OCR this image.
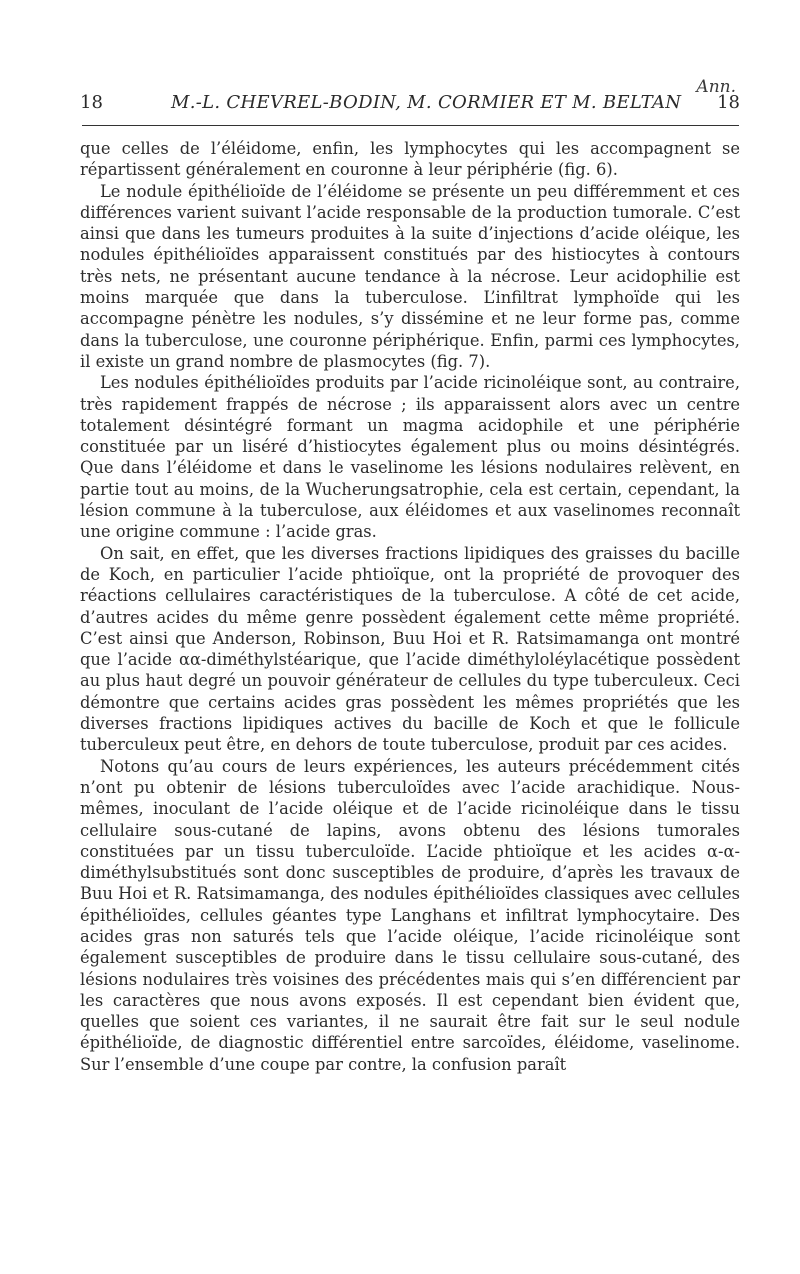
Ann.
18	M.-L. CHEVREL-BODIN, M. CORMIER ET M. BELTAN 18

que celles de l’éléidome, enfin, les lymphocytes qui les accompagnent se répartissent généralement en couronne à leur périphérie (fig. 6).

Le nodule épithélioïde de l’éléidome se présente un peu différemment et ces différences varient suivant l’acide responsable de la production tumorale. C’est ainsi que dans les tumeurs produites à la suite d’injections d’acide oléique, les nodules épithélioïdes apparaissent constitués par des histiocytes à contours très nets, ne présentant aucune tendance à la nécrose. Leur acidophilie est moins marquée que dans la tuberculose. L’infiltrat lymphoïde qui les accompagne pénètre les nodules, s’y dissémine et ne leur forme pas, comme dans la tuberculose, une couronne périphérique. Enfin, parmi ces lymphocytes, il existe un grand nombre de plasmocytes (fig. 7).

Les nodules épithélioïdes produits par l’acide ricinoléique sont, au contraire, très rapidement frappés de nécrose ; ils apparaissent alors avec un centre totalement désintégré formant un magma acidophile et une périphérie constituée par un liséré d’histiocytes également plus ou moins désintégrés. Que dans l’éléidome et dans le vaselinome les lésions nodulaires relèvent, en partie tout au moins, de la Wucherungsatrophie, cela est certain, cependant, la lésion commune à la tuberculose, aux éléidomes et aux vaselinomes reconnaît une origine commune : l’acide gras.

On sait, en effet, que les diverses fractions lipidiques des graisses du bacille de Koch, en particulier l’acide phtioïque, ont la propriété de provoquer des réactions cellulaires caractéristiques de la tuberculose. A côté de cet acide, d’autres acides du même genre possèdent également cette même propriété. C’est ainsi que Anderson, Robinson, Buu Hoi et R. Ratsimamanga ont montré que l’acide αα-diméthylstéarique, que l’acide diméthyloléylacétique possèdent au plus haut degré un pouvoir générateur de cellules du type tuberculeux. Ceci démontre que certains acides gras possèdent les mêmes propriétés que les diverses fractions lipidiques actives du bacille de Koch et que le follicule tuberculeux peut être, en dehors de toute tuberculose, produit par ces acides.

Notons qu’au cours de leurs expériences, les auteurs précédemment cités n’ont pu obtenir de lésions tuberculoïdes avec l’acide arachidique. Nous-mêmes, inoculant de l’acide oléique et de l’acide ricinoléique dans le tissu cellulaire sous-cutané de lapins, avons obtenu des lésions tumorales constituées par un tissu tuberculoïde. L’acide phtioïque et les acides α-α-diméthylsubstitués sont donc susceptibles de produire, d’après les travaux de Buu Hoi et R. Ratsimamanga, des nodules épithélioïdes classiques avec cellules épithélioïdes, cellules géantes type Langhans et infiltrat lymphocytaire. Des acides gras non saturés tels que l’acide oléique, l’acide ricinoléique sont également susceptibles de produire dans le tissu cellulaire sous-cutané, des lésions nodulaires très voisines des précédentes mais qui s’en différencient par les caractères que nous avons exposés. Il est cependant bien évident que, quelles que soient ces variantes, il ne saurait être fait sur le seul nodule épithélioïde, de diagnostic différentiel entre sarcoïdes, éléidome, vaselinome. Sur l’ensemble d’une coupe par contre, la confusion paraît
